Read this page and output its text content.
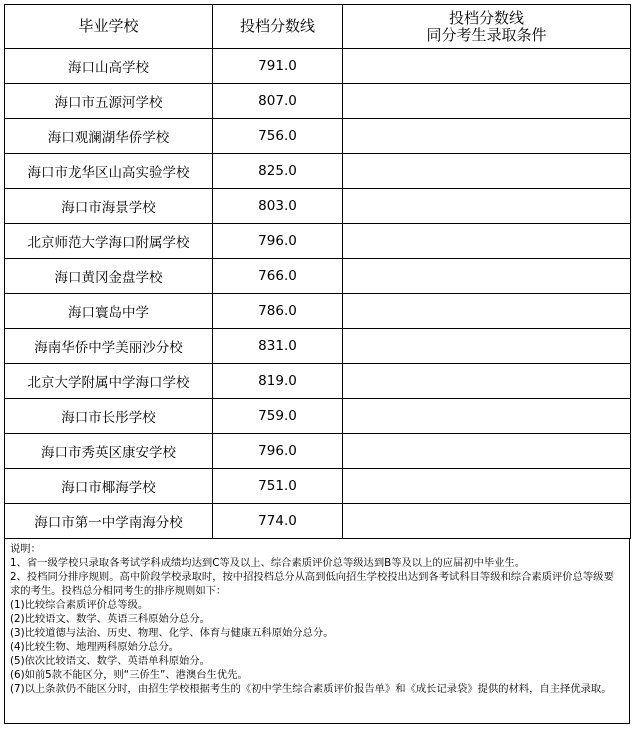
毕业学校	投档分数线	投档分数线
同分考生录取条件

海口山高学校	791.0	
海口市五源河学校	807.0	
海口观澜湖华侨学校	756.0	
海口市龙华区山高实验学校	825.0	
海口市海景学校	803.0	
北京师范大学海口附属学校	796.0	
海口黄冈金盘学校	766.0	
海口寰岛中学	786.0	
海南华侨中学美丽沙分校	831.0	
北京大学附属中学海口学校	819.0	
海口市长彤学校	759.0	
海口市秀英区康安学校	796.0	
海口市椰海学校	751.0	
海口市第一中学南海分校	774.0	
说明：
1、省一级学校只录取各考试学科成绩均达到C等及以上、综合素质评价总等级达到B等及以上的应届初中毕业生。
2、投档同分排序规则。高中阶段学校录取时，按中招投档总分从高到低向招生学校投出达到各考试科目等级和综合素质评价总等级要求的考生。投档总分相同考生的排序规则如下：
(1)比较综合素质评价总等级。
(2)比较语文、数学、英语三科原始分总分。
(3)比较道德与法治、历史、物理、化学、体育与健康五科原始分总分。
(4)比较生物、地理两科原始分总分。
(5)依次比较语文、数学、英语单科原始分。
(6)如前5款不能区分，则“三侨生”、港澳台生优先。
(7)以上条款仍不能区分时，由招生学校根据考生的《初中学生综合素质评价报告单》和《成长记录袋》提供的材料，自主择优录取。
